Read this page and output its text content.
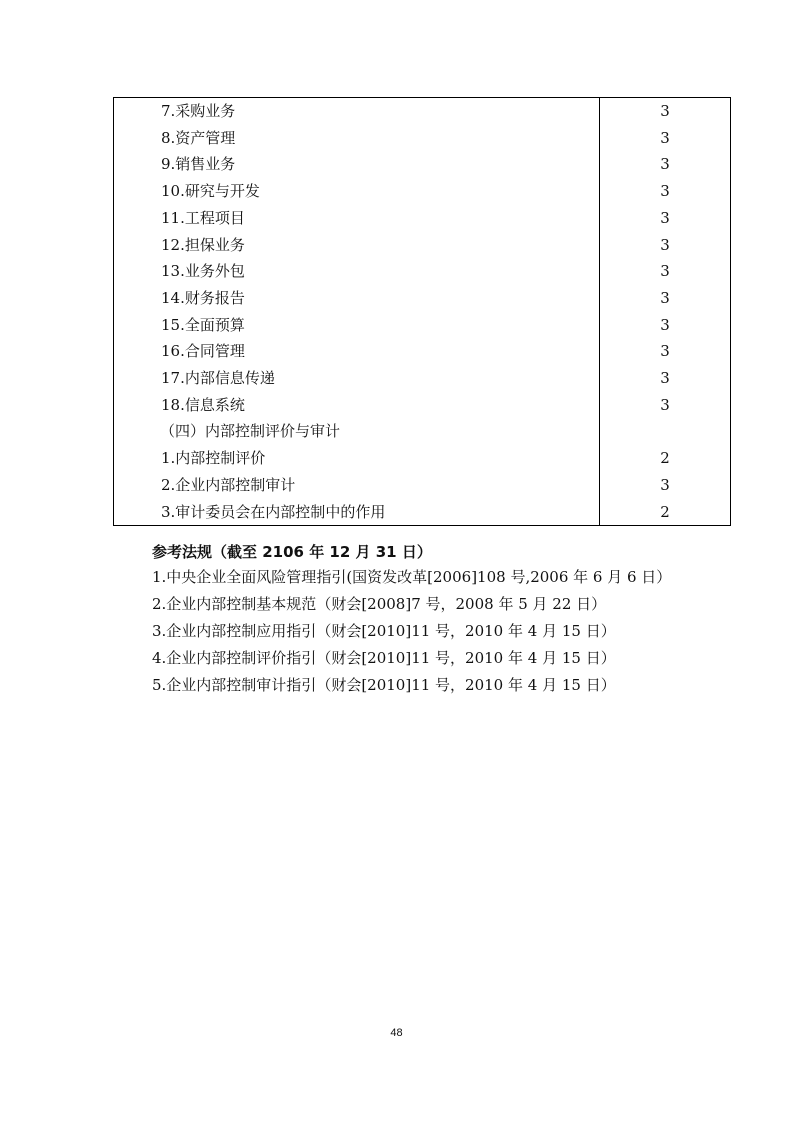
7.采购业务	3
8.资产管理	3
9.销售业务	3
10.研究与开发	3
11.工程项目	3
12.担保业务	3
13.业务外包	3
14.财务报告	3
15.全面预算	3
16.合同管理	3
17.内部信息传递	3
18.信息系统	3
（四）内部控制评价与审计	
1.内部控制评价	2
2.企业内部控制审计	3
3.审计委员会在内部控制中的作用	2
参考法规（截至 2106 年 12 月 31 日）
1.中央企业全面风险管理指引(国资发改革[2006]108 号,2006 年 6 月 6 日）
2.企业内部控制基本规范（财会[2008]7 号，2008 年 5 月 22 日）
3.企业内部控制应用指引（财会[2010]11 号，2010 年 4 月 15 日）
4.企业内部控制评价指引（财会[2010]11 号，2010 年 4 月 15 日）
5.企业内部控制审计指引（财会[2010]11 号，2010 年 4 月 15 日）
48
